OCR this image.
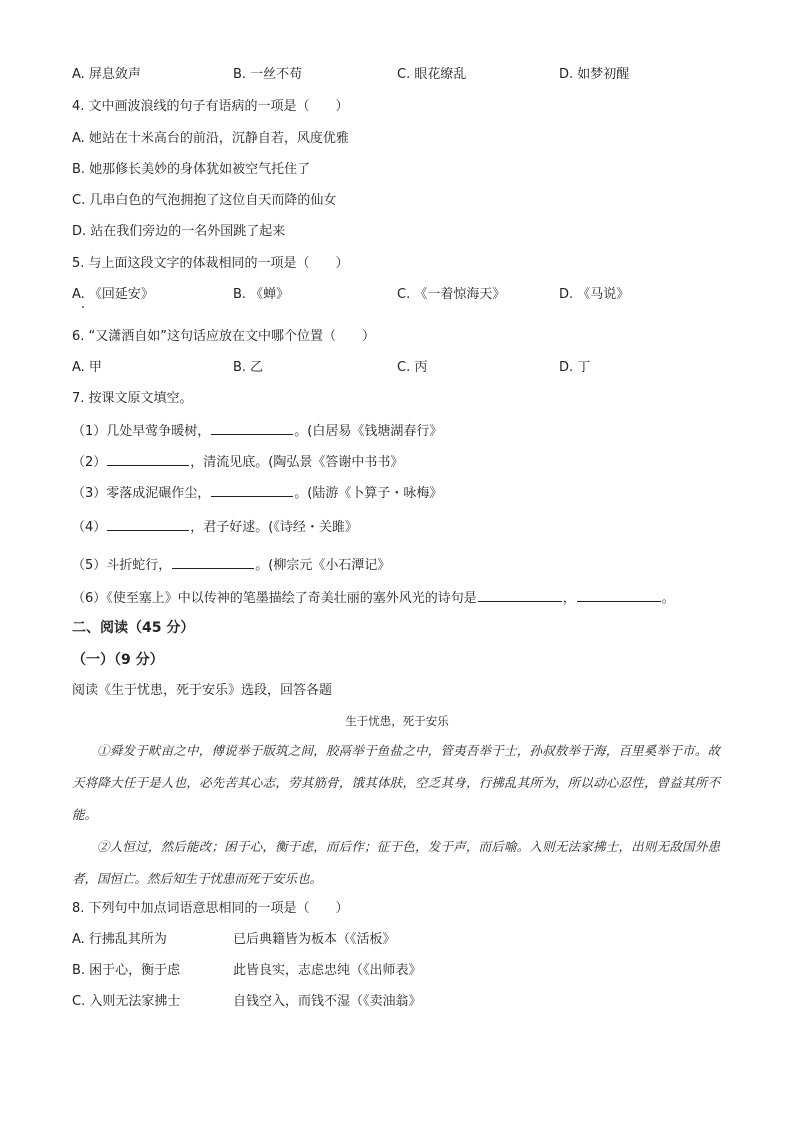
A. 屏息敛声	B. 一丝不苟	C. 眼花缭乱	D. 如梦初醒
4. 文中画波浪线的句子有语病的一项是（　　）
A. 她站在十米高台的前沿，沉静自若，风度优雅
B. 她那修长美妙的身体犹如被空气托住了
C. 几串白色的气泡拥抱了这位自天而降的仙女
D. 站在我们旁边的一名外国跳了起来
5. 与上面这段文字的体裁相同的一项是（　　）
A. 《回延安》	B. 《蝉》	C. 《一着惊海天》	D. 《马说》
6. “又潇洒自如”这句话应放在文中哪个位置（　　）
A. 甲	B. 乙	C. 丙	D. 丁
7. 按课文原文填空。
（1）几处早莺争暖树，	。(白居易《钱塘湖春行》
（2）	，清流见底。(陶弘景《答谢中书书》
（3）零落成泥碾作尘，	。(陆游《卜算子・咏梅》
（4）	，君子好逑。(《诗经・关雎》
（5）斗折蛇行，	。(柳宗元《小石潭记》
（6）《使至塞上》中以传神的笔墨描绘了奇美壮丽的塞外风光的诗句是	，	。
二、阅读（45 分）
（一）（9 分）
阅读《生于忧患，死于安乐》选段，回答各题
生于忧患，死于安乐

①舜发于畎亩之中，傅说举于版筑之间，胶鬲举于鱼盐之中，管夷吾举于士，孙叔敖举于海，百里奚举于市。故天将降大任于是人也，必先苦其心志，劳其筋骨，饿其体肤，空乏其身，行拂乱其所为，所以动心忍性，曾益其所不能。

②人恒过，然后能改；困于心，衡于虑，而后作；征于色，发于声，而后喻。入则无法家拂士，出则无敌国外患者，国恒亡。然后知生于忧患而死于安乐也。

8. 下列句中加点词语意思相同的一项是（　　）
A. 行拂乱其所为	已后典籍皆为板本（《活板》
B. 困于心，衡于虑	此皆良实，志虑忠纯（《出师表》
C. 入则无法家拂士	自钱空入，而钱不湿（《卖油翁》
